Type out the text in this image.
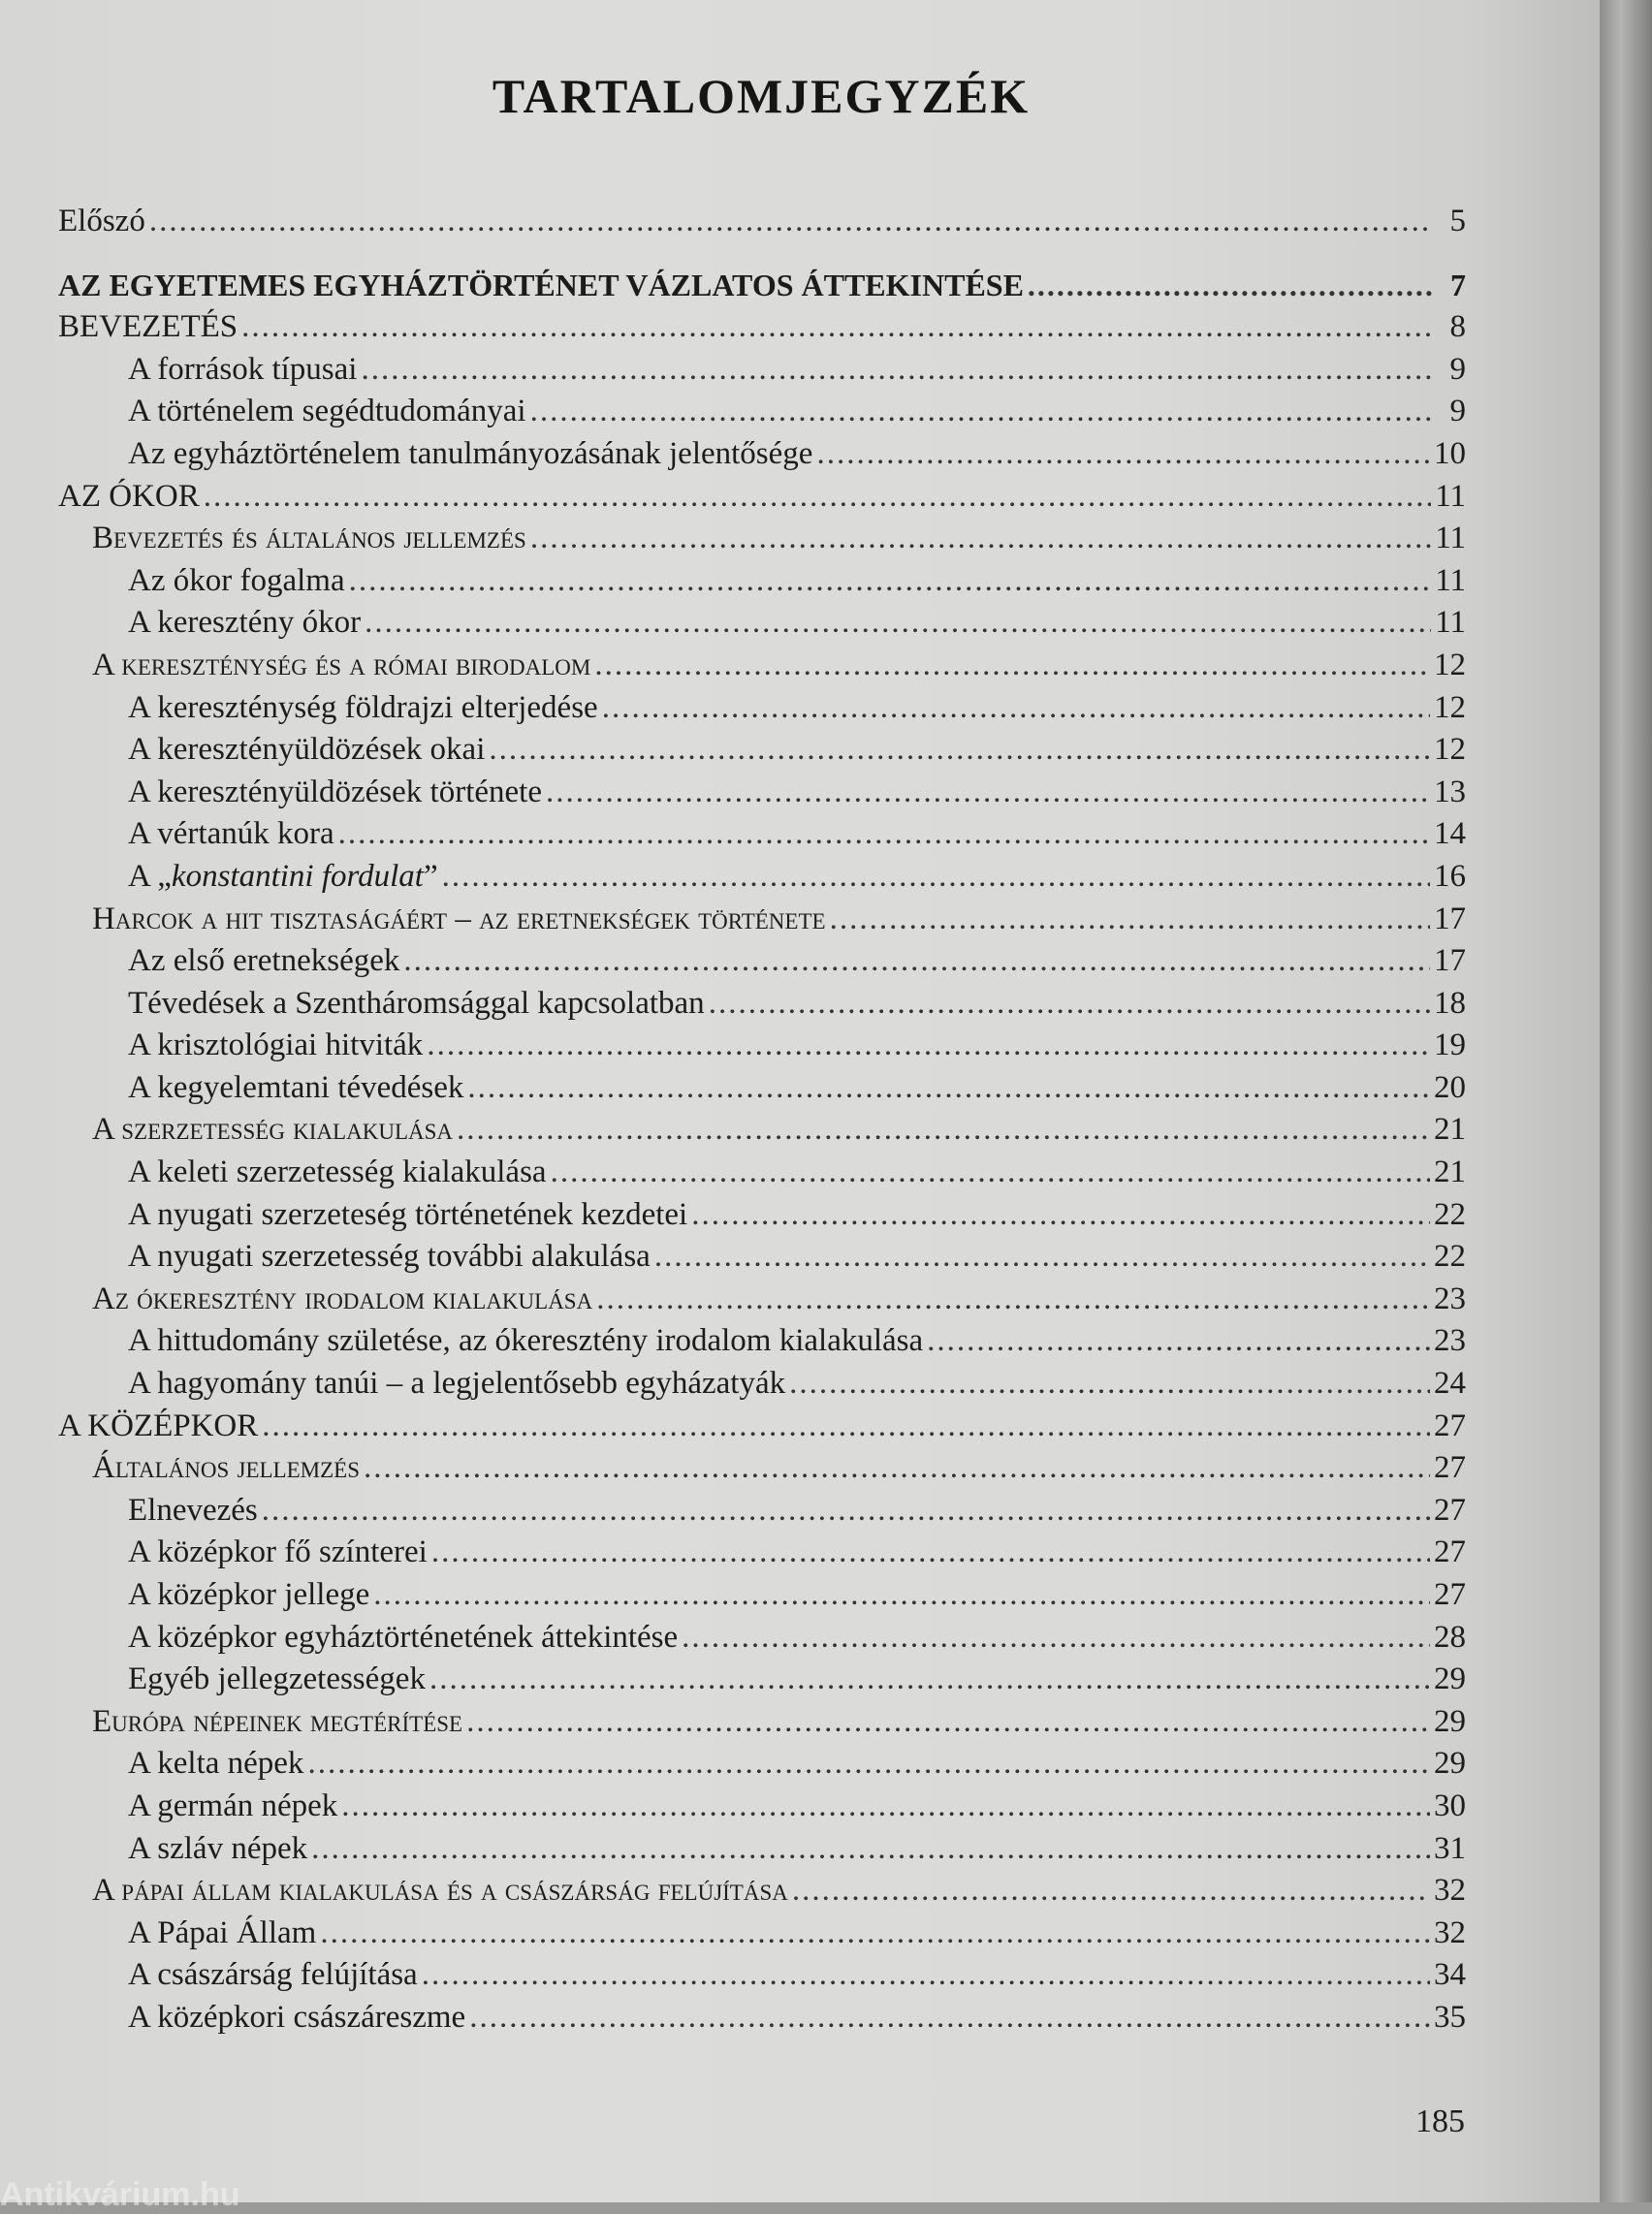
TARTALOMJEGYZÉK
Előszó .....	5
AZ EGYETEMES EGYHÁZTÖRTÉNET VÁZLATOS ÁTTEKINTÉSE .....	7
BEVEZETÉS .....	8
A források típusai .....	9
A történelem segédtudományai .....	9
Az egyháztörténelem tanulmányozásának jelentősége .....	10
AZ ÓKOR .....	11
Bevezetés és általános jellemzés .....	11
Az ókor fogalma .....	11
A keresztény ókor .....	11
A kereszténység és a római birodalom .....	12
A kereszténység földrajzi elterjedése .....	12
A keresztényüldözések okai .....	12
A keresztényüldözések története .....	13
A vértanúk kora .....	14
A „konstantini fordulat” .....	16
Harcok a hit tisztaságáért – az eretnekségek története .....	17
Az első eretnekségek .....	17
Tévedések a Szentháromsággal kapcsolatban .....	18
A krisztológiai hitviták .....	19
A kegyelemtani tévedések .....	20
A szerzetesség kialakulása .....	21
A keleti szerzetesség kialakulása .....	21
A nyugati szerzeteség történetének kezdetei .....	22
A nyugati szerzetesség további alakulása .....	22
Az ókeresztény irodalom kialakulása .....	23
A hittudomány születése, az ókeresztény irodalom kialakulása .....	23
A hagyomány tanúi – a legjelentősebb egyházatyák .....	24
A KÖZÉPKOR .....	27
Általános jellemzés .....	27
Elnevezés .....	27
A középkor fő színterei .....	27
A középkor jellege .....	27
A középkor egyháztörténetének áttekintése .....	28
Egyéb jellegzetességek .....	29
Európa népeinek megtérítése .....	29
A kelta népek .....	29
A germán népek .....	30
A szláv népek .....	31
A pápai állam kialakulása és a császárság felújítása .....	32
A Pápai Állam .....	32
A császárság felújítása .....	34
A középkori császáreszme .....	35
185
Antikvárium.hu
